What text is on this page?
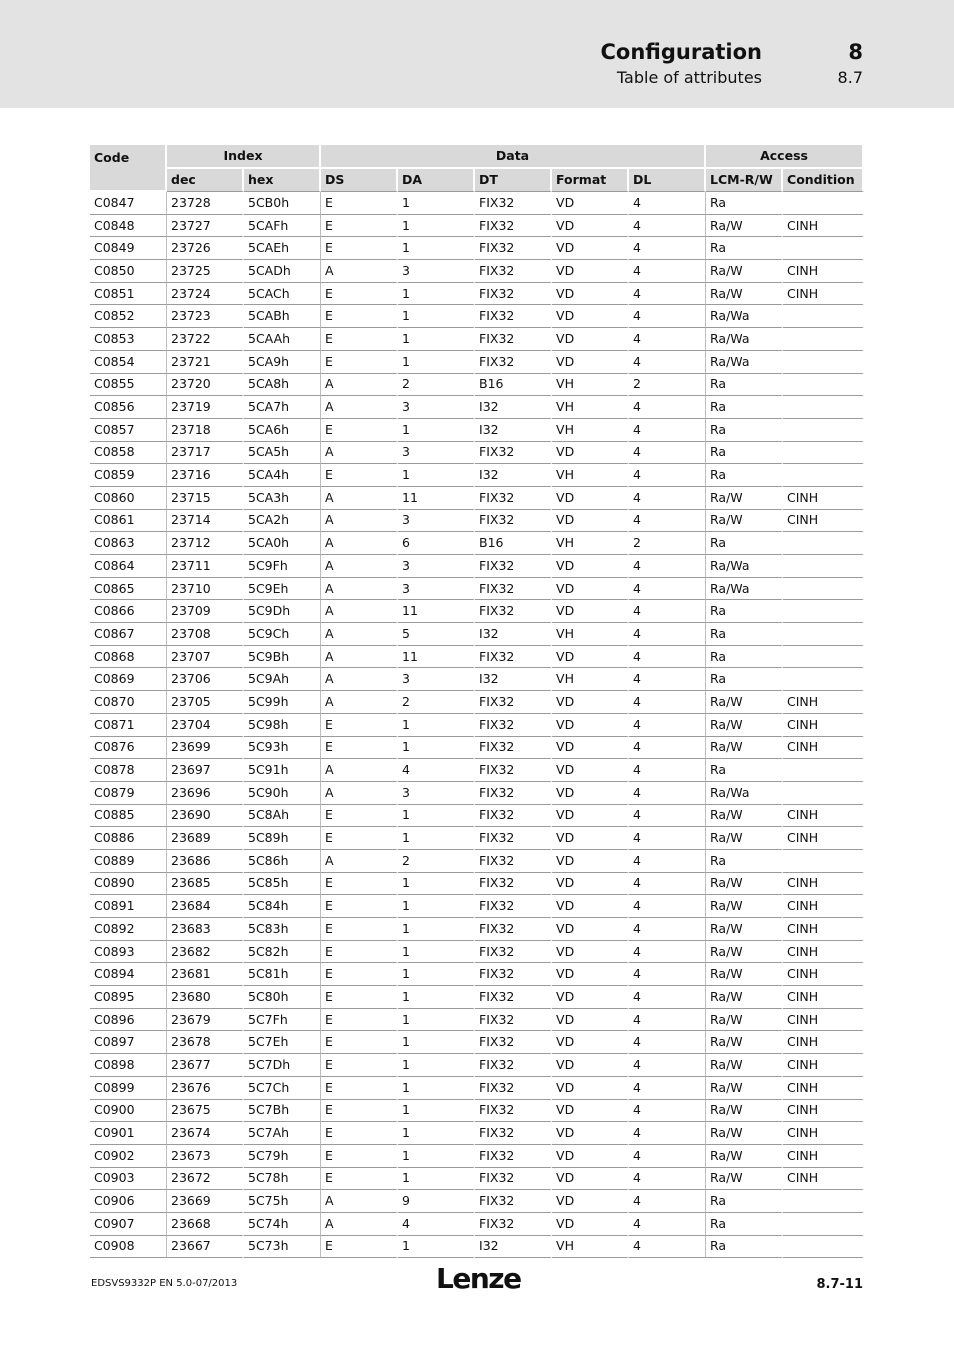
Configuration	8
Table of attributes	8.7
Code	Index		Data					Access	
	dec	hex	DS	DA	DT	Format	DL	LCM-R/W	Condition
C0847	23728	5CB0h	E	1	FIX32	VD	4	Ra	
C0848	23727	5CAFh	E	1	FIX32	VD	4	Ra/W	CINH
C0849	23726	5CAEh	E	1	FIX32	VD	4	Ra	
C0850	23725	5CADh	A	3	FIX32	VD	4	Ra/W	CINH
C0851	23724	5CACh	E	1	FIX32	VD	4	Ra/W	CINH
C0852	23723	5CABh	E	1	FIX32	VD	4	Ra/Wa	
C0853	23722	5CAAh	E	1	FIX32	VD	4	Ra/Wa	
C0854	23721	5CA9h	E	1	FIX32	VD	4	Ra/Wa	
C0855	23720	5CA8h	A	2	B16	VH	2	Ra	
C0856	23719	5CA7h	A	3	I32	VH	4	Ra	
C0857	23718	5CA6h	E	1	I32	VH	4	Ra	
C0858	23717	5CA5h	A	3	FIX32	VD	4	Ra	
C0859	23716	5CA4h	E	1	I32	VH	4	Ra	
C0860	23715	5CA3h	A	11	FIX32	VD	4	Ra/W	CINH
C0861	23714	5CA2h	A	3	FIX32	VD	4	Ra/W	CINH
C0863	23712	5CA0h	A	6	B16	VH	2	Ra	
C0864	23711	5C9Fh	A	3	FIX32	VD	4	Ra/Wa	
C0865	23710	5C9Eh	A	3	FIX32	VD	4	Ra/Wa	
C0866	23709	5C9Dh	A	11	FIX32	VD	4	Ra	
C0867	23708	5C9Ch	A	5	I32	VH	4	Ra	
C0868	23707	5C9Bh	A	11	FIX32	VD	4	Ra	
C0869	23706	5C9Ah	A	3	I32	VH	4	Ra	
C0870	23705	5C99h	A	2	FIX32	VD	4	Ra/W	CINH
C0871	23704	5C98h	E	1	FIX32	VD	4	Ra/W	CINH
C0876	23699	5C93h	E	1	FIX32	VD	4	Ra/W	CINH
C0878	23697	5C91h	A	4	FIX32	VD	4	Ra	
C0879	23696	5C90h	A	3	FIX32	VD	4	Ra/Wa	
C0885	23690	5C8Ah	E	1	FIX32	VD	4	Ra/W	CINH
C0886	23689	5C89h	E	1	FIX32	VD	4	Ra/W	CINH
C0889	23686	5C86h	A	2	FIX32	VD	4	Ra	
C0890	23685	5C85h	E	1	FIX32	VD	4	Ra/W	CINH
C0891	23684	5C84h	E	1	FIX32	VD	4	Ra/W	CINH
C0892	23683	5C83h	E	1	FIX32	VD	4	Ra/W	CINH
C0893	23682	5C82h	E	1	FIX32	VD	4	Ra/W	CINH
C0894	23681	5C81h	E	1	FIX32	VD	4	Ra/W	CINH
C0895	23680	5C80h	E	1	FIX32	VD	4	Ra/W	CINH
C0896	23679	5C7Fh	E	1	FIX32	VD	4	Ra/W	CINH
C0897	23678	5C7Eh	E	1	FIX32	VD	4	Ra/W	CINH
C0898	23677	5C7Dh	E	1	FIX32	VD	4	Ra/W	CINH
C0899	23676	5C7Ch	E	1	FIX32	VD	4	Ra/W	CINH
C0900	23675	5C7Bh	E	1	FIX32	VD	4	Ra/W	CINH
C0901	23674	5C7Ah	E	1	FIX32	VD	4	Ra/W	CINH
C0902	23673	5C79h	E	1	FIX32	VD	4	Ra/W	CINH
C0903	23672	5C78h	E	1	FIX32	VD	4	Ra/W	CINH
C0906	23669	5C75h	A	9	FIX32	VD	4	Ra	
C0907	23668	5C74h	A	4	FIX32	VD	4	Ra	
C0908	23667	5C73h	E	1	I32	VH	4	Ra	
EDSVS9332P EN 5.0-07/2013	Lenze	8.7-11
